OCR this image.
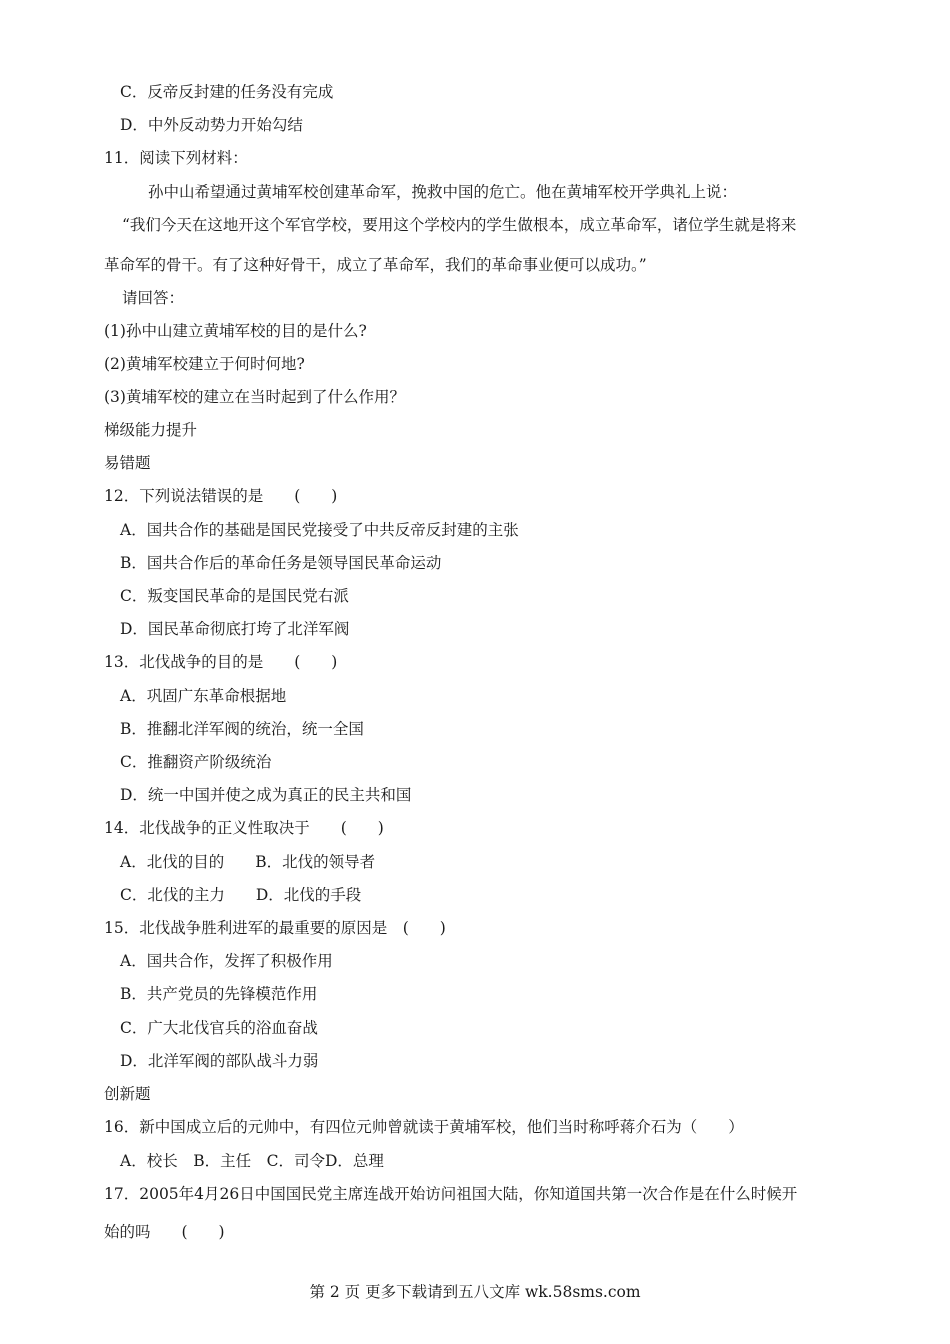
C．反帝反封建的任务没有完成
D．中外反动势力开始勾结
11．阅读下列材料：
孙中山希望通过黄埔军校创建革命军，挽救中国的危亡。他在黄埔军校开学典礼上说：
“我们今天在这地开这个军官学校，要用这个学校内的学生做根本，成立革命军，诸位学生就是将来
革命军的骨干。有了这种好骨干，成立了革命军，我们的革命事业便可以成功。”
请回答：
(1)孙中山建立黄埔军校的目的是什么?
(2)黄埔军校建立于何时何地?
(3)黄埔军校的建立在当时起到了什么作用？
梯级能力提升
易错题
12．下列说法错误的是　　(　　)
A．国共合作的基础是国民党接受了中共反帝反封建的主张
B．国共合作后的革命任务是领导国民革命运动
C．叛变国民革命的是国民党右派
D．国民革命彻底打垮了北洋军阀
13．北伐战争的目的是　　(　　)
A．巩固广东革命根据地
B．推翻北洋军阀的统治，统一全国
C．推翻资产阶级统治
D．统一中国并使之成为真正的民主共和国
14．北伐战争的正义性取决于　　(　　)
A．北伐的目的　　B．北伐的领导者
C．北伐的主力　　D．北伐的手段
15．北伐战争胜利进军的最重要的原因是　(　　)
A．国共合作，发挥了积极作用
B．共产党员的先锋模范作用
C．广大北伐官兵的浴血奋战
D．北洋军阀的部队战斗力弱
创新题
16．新中国成立后的元帅中，有四位元帅曾就读于黄埔军校，他们当时称呼蒋介石为（　　）
A．校长　B．主任　C．司令D．总理
17．2005年4月26日中国国民党主席连战开始访问祖国大陆，你知道国共第一次合作是在什么时候开
始的吗　　(　　)
第 2 页 更多下载请到五八文库 wk.58sms.com
